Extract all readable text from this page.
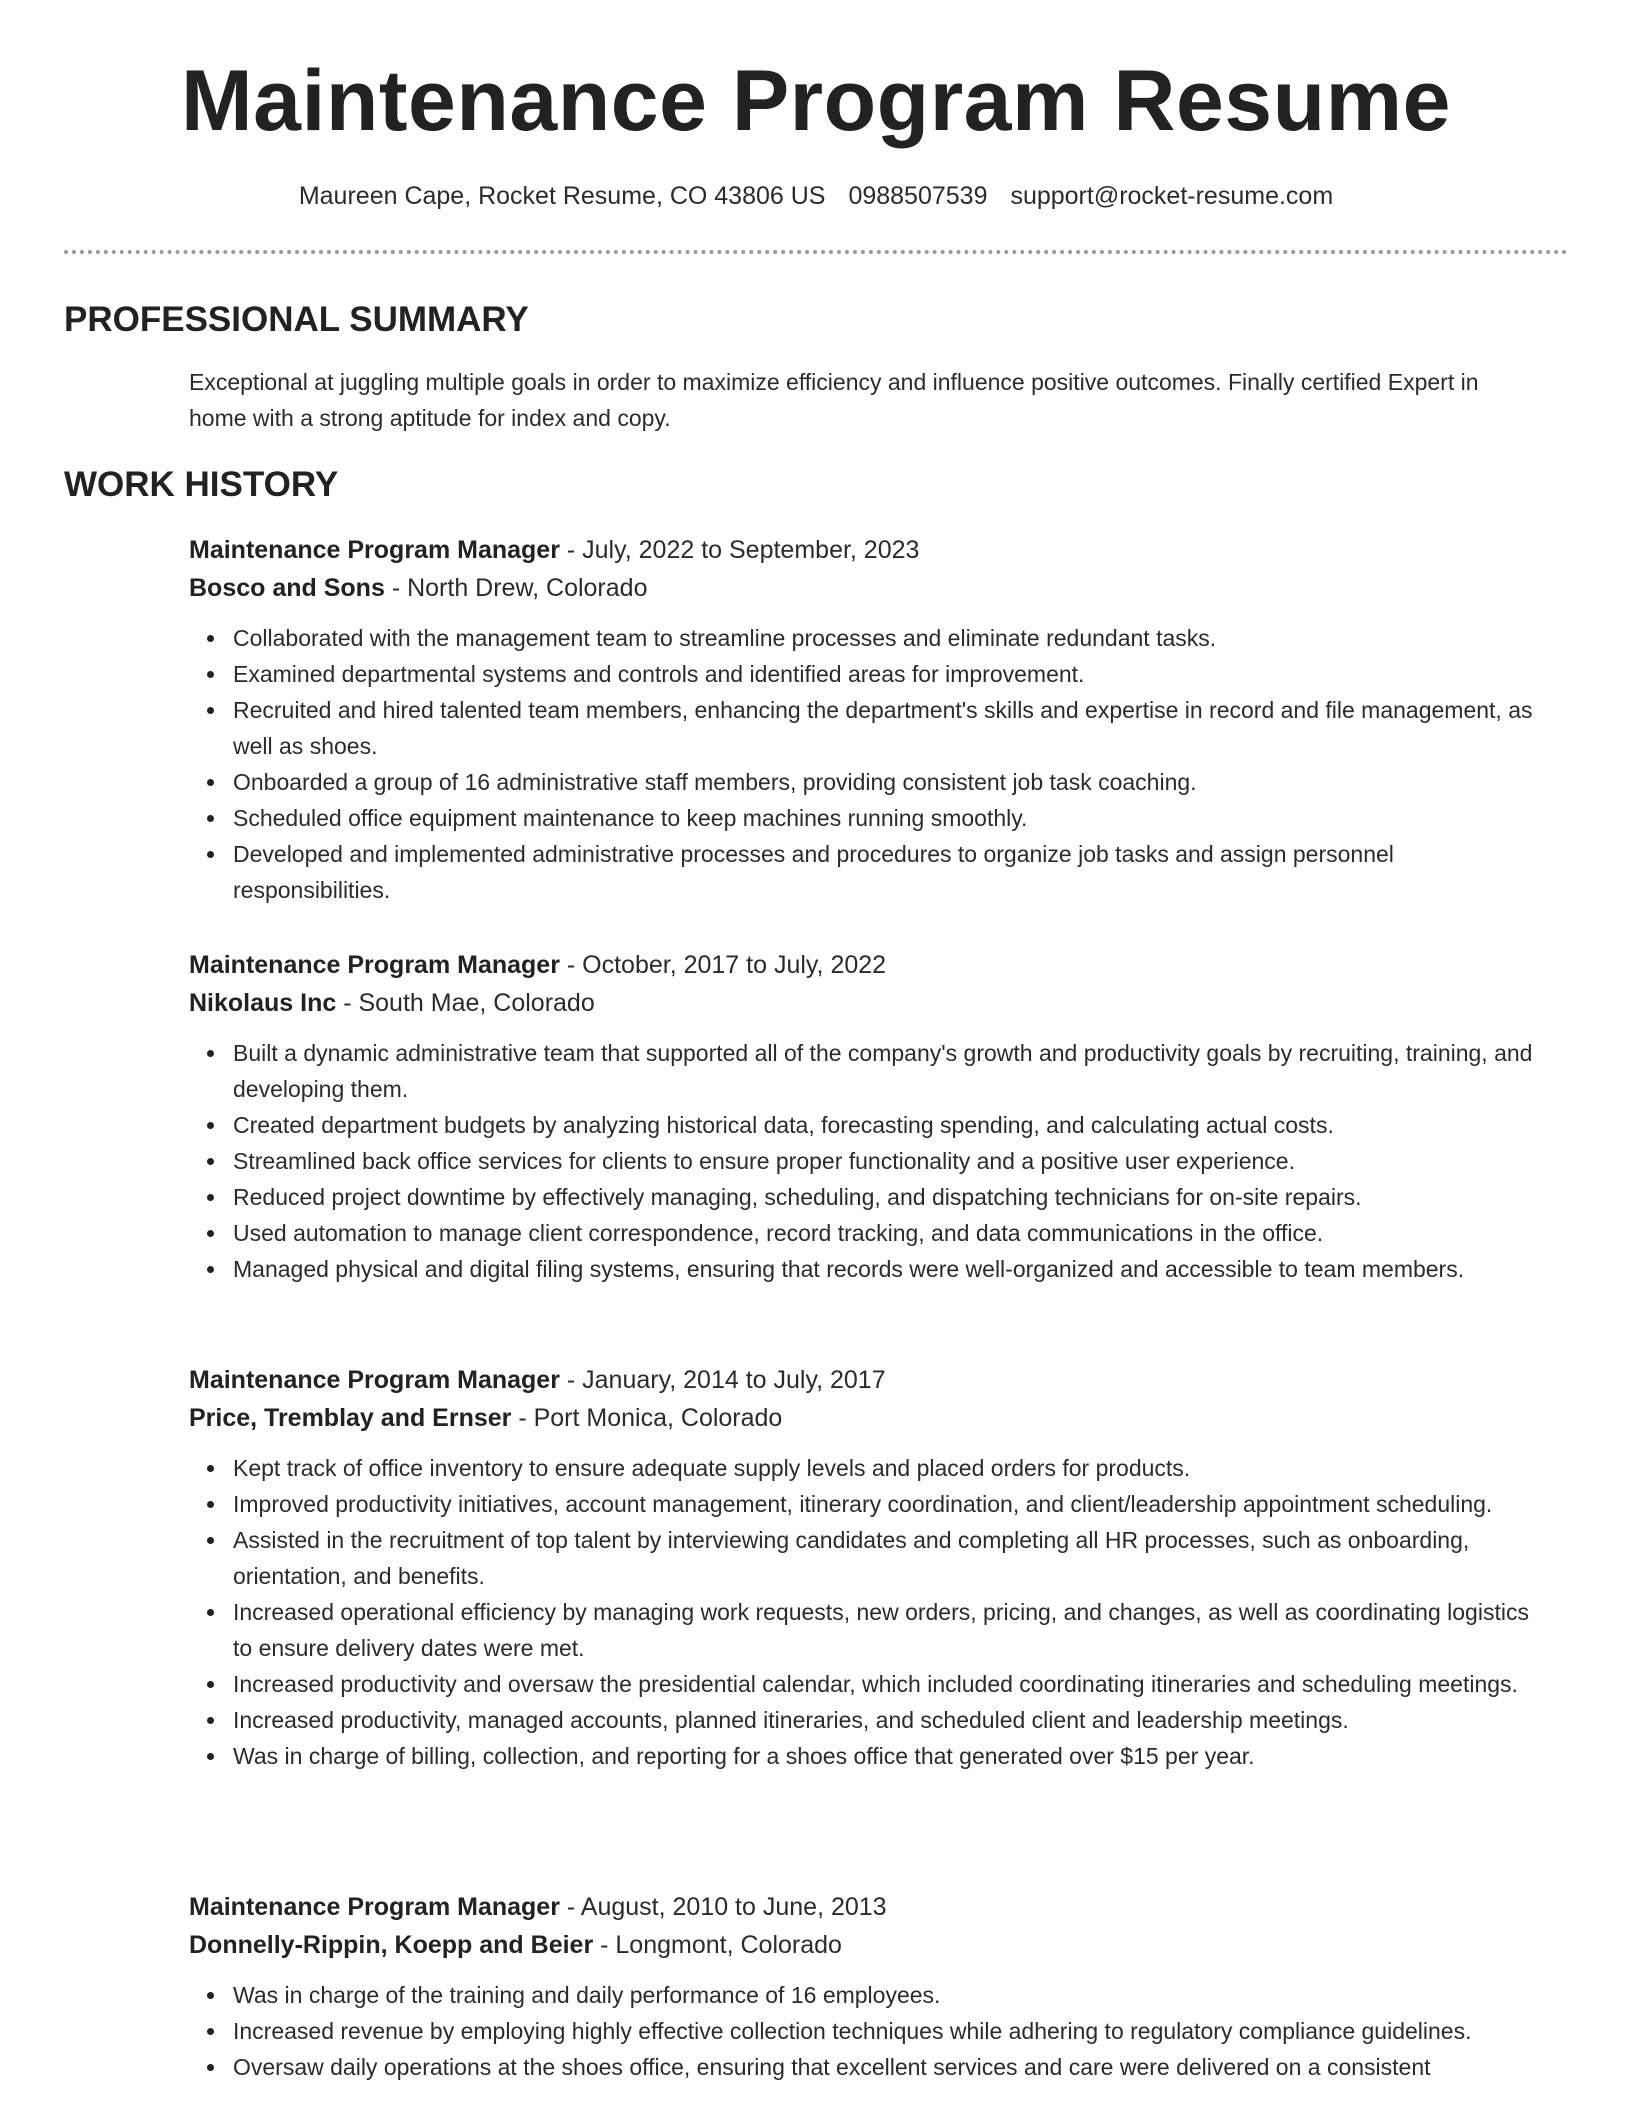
Maintenance Program Resume
Maureen Cape, Rocket Resume, CO 43806 US 0988507539 support@rocket-resume.com
PROFESSIONAL SUMMARY

Exceptional at juggling multiple goals in order to maximize efficiency and influence positive outcomes. Finally certified Expert in home with a strong aptitude for index and copy.

WORK HISTORY
Maintenance Program Manager - July, 2022 to September, 2023
Bosco and Sons - North Drew, Colorado
Collaborated with the management team to streamline processes and eliminate redundant tasks.
Examined departmental systems and controls and identified areas for improvement.
Recruited and hired talented team members, enhancing the department's skills and expertise in record and file management, as well as shoes.
Onboarded a group of 16 administrative staff members, providing consistent job task coaching.
Scheduled office equipment maintenance to keep machines running smoothly.
Developed and implemented administrative processes and procedures to organize job tasks and assign personnel responsibilities.
Maintenance Program Manager - October, 2017 to July, 2022
Nikolaus Inc - South Mae, Colorado
Built a dynamic administrative team that supported all of the company's growth and productivity goals by recruiting, training, and developing them.
Created department budgets by analyzing historical data, forecasting spending, and calculating actual costs.
Streamlined back office services for clients to ensure proper functionality and a positive user experience.
Reduced project downtime by effectively managing, scheduling, and dispatching technicians for on-site repairs.
Used automation to manage client correspondence, record tracking, and data communications in the office.
Managed physical and digital filing systems, ensuring that records were well-organized and accessible to team members.
Maintenance Program Manager - January, 2014 to July, 2017
Price, Tremblay and Ernser - Port Monica, Colorado
Kept track of office inventory to ensure adequate supply levels and placed orders for products.
Improved productivity initiatives, account management, itinerary coordination, and client/leadership appointment scheduling.
Assisted in the recruitment of top talent by interviewing candidates and completing all HR processes, such as onboarding, orientation, and benefits.
Increased operational efficiency by managing work requests, new orders, pricing, and changes, as well as coordinating logistics to ensure delivery dates were met.
Increased productivity and oversaw the presidential calendar, which included coordinating itineraries and scheduling meetings.
Increased productivity, managed accounts, planned itineraries, and scheduled client and leadership meetings.
Was in charge of billing, collection, and reporting for a shoes office that generated over $15 per year.
Maintenance Program Manager - August, 2010 to June, 2013
Donnelly-Rippin, Koepp and Beier - Longmont, Colorado
Was in charge of the training and daily performance of 16 employees.
Increased revenue by employing highly effective collection techniques while adhering to regulatory compliance guidelines.
Oversaw daily operations at the shoes office, ensuring that excellent services and care were delivered on a consistent
